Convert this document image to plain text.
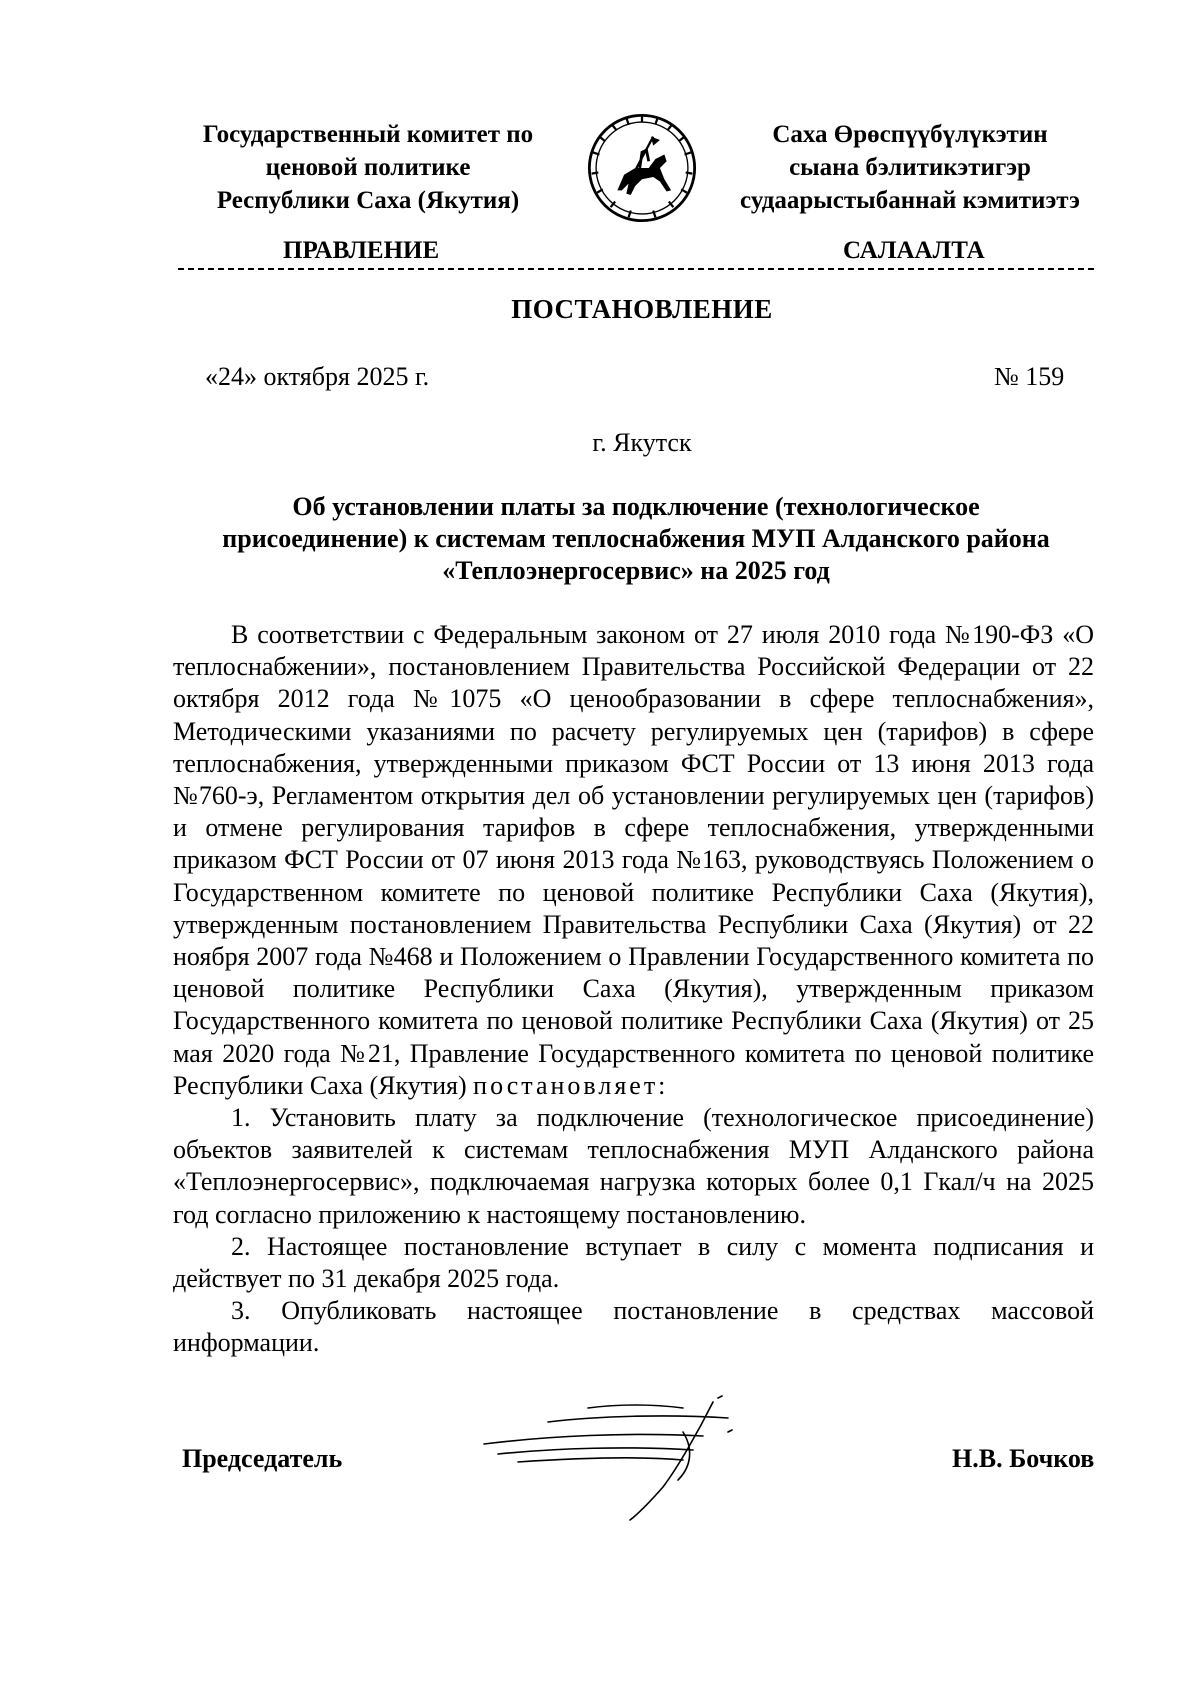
Государственный комитет по
ценовой политике
Республики Саха (Якутия)
Саха Өрөспүүбүлүкэтин
сыана бэлитикэтигэр
судаарыстыбаннай кэмитиэтэ
ПРАВЛЕНИЕ	САЛААЛТА
ПОСТАНОВЛЕНИЕ
«24» октября 2025 г.	№ 159
г. Якутск
Об установлении платы за подключение (технологическое
присоединение) к системам теплоснабжения МУП Алданского района
«Теплоэнергосервис» на 2025 год

В соответствии с Федеральным законом от 27 июля 2010 года №190-ФЗ «О теплоснабжении», постановлением Правительства Российской Федерации от 22 октября 2012 года №1075 «О ценообразовании в сфере теплоснабжения», Методическими указаниями по расчету регулируемых цен (тарифов) в сфере теплоснабжения, утвержденными приказом ФСТ России от 13 июня 2013 года №760-э, Регламентом открытия дел об установлении регулируемых цен (тарифов) и отмене регулирования тарифов в сфере теплоснабжения, утвержденными приказом ФСТ России от 07 июня 2013 года №163, руководствуясь Положением о Государственном комитете по ценовой политике Республики Саха (Якутия), утвержденным постановлением Правительства Республики Саха (Якутия) от 22 ноября 2007 года №468 и Положением о Правлении Государственного комитета по ценовой политике Республики Саха (Якутия), утвержденным приказом Государственного комитета по ценовой политике Республики Саха (Якутия) от 25 мая 2020 года №21, Правление Государственного комитета по ценовой политике Республики Саха (Якутия) постановляет:

1. Установить плату за подключение (технологическое присоединение) объектов заявителей к системам теплоснабжения МУП Алданского района «Теплоэнергосервис», подключаемая нагрузка которых более 0,1 Гкал/ч на 2025 год согласно приложению к настоящему постановлению.

2. Настоящее постановление вступает в силу с момента подписания и действует по 31 декабря 2025 года.

3. Опубликовать настоящее постановление в средствах массовой информации.

Председатель	Н.В. Бочков
